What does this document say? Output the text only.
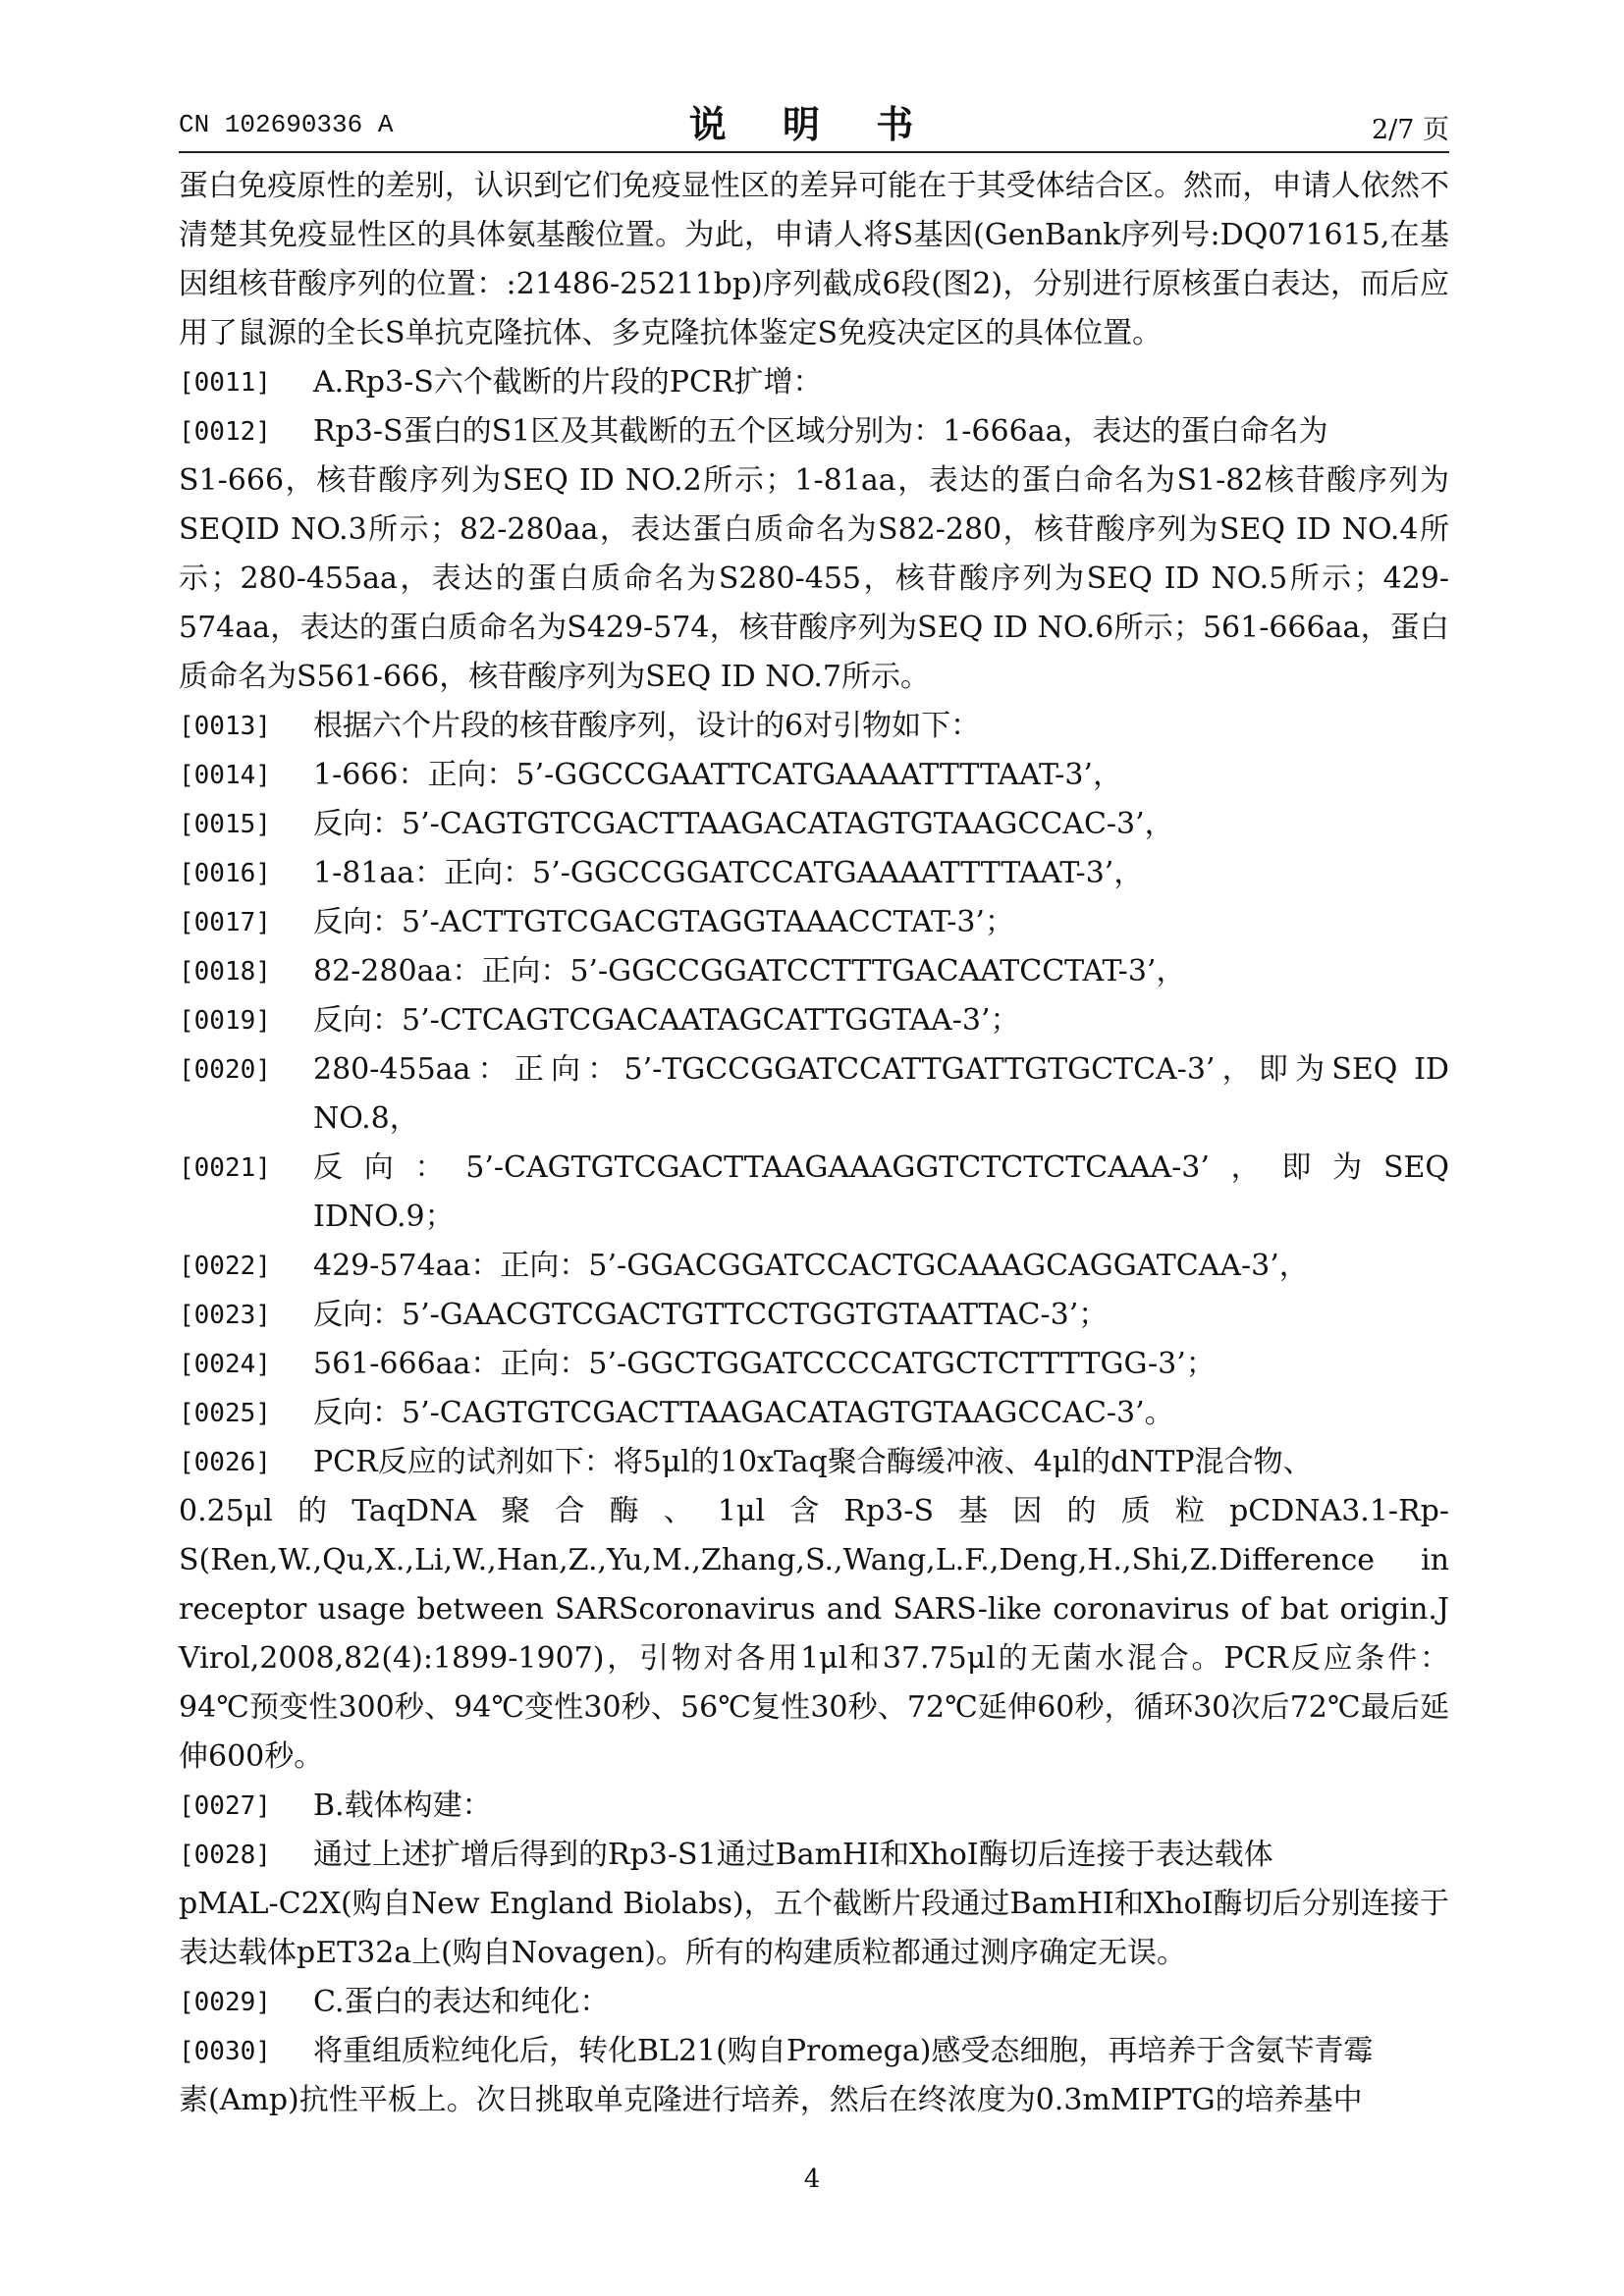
CN 102690336 A	说 明 书	2/7 页

蛋白免疫原性的差别，认识到它们免疫显性区的差异可能在于其受体结合区。然而，申请人依然不清楚其免疫显性区的具体氨基酸位置。为此，申请人将S基因(GenBank序列号:DQ071615,在基因组核苷酸序列的位置：:21486-25211bp)序列截成6段(图2)，分别进行原核蛋白表达，而后应用了鼠源的全长S单抗克隆抗体、多克隆抗体鉴定S免疫决定区的具体位置。

[0011]	A.Rp3-S六个截断的片段的PCR扩增：
[0012]	Rp3-S蛋白的S1区及其截断的五个区域分别为：1-666aa，表达的蛋白命名为
S1-666，核苷酸序列为SEQ ID NO.2所示；1-81aa，表达的蛋白命名为S1-82核苷酸序列为SEQID NO.3所示；82-280aa，表达蛋白质命名为S82-280，核苷酸序列为SEQ ID NO.4所示；280-455aa，表达的蛋白质命名为S280-455，核苷酸序列为SEQ ID NO.5所示；429-574aa，表达的蛋白质命名为S429-574，核苷酸序列为SEQ ID NO.6所示；561-666aa，蛋白质命名为S561-666，核苷酸序列为SEQ ID NO.7所示。
[0013]	根据六个片段的核苷酸序列，设计的6对引物如下：
[0014]	1-666：正向：5’-GGCCGAATTCATGAAAATTTTAAT-3’，
[0015]	反向：5’-CAGTGTCGACTTAAGACATAGTGTAAGCCAC-3’，
[0016]	1-81aa：正向：5’-GGCCGGATCCATGAAAATTTTAAT-3’，
[0017]	反向：5’-ACTTGTCGACGTAGGTAAACCTAT-3’；
[0018]	82-280aa：正向：5’-GGCCGGATCCTTTGACAATCCTAT-3’，
[0019]	反向：5’-CTCAGTCGACAATAGCATTGGTAA-3’；
[0020]	280-455aa：正向：5’-TGCCGGATCCATTGATTGTGCTCA-3’，即为SEQ ID NO.8，
[0021]	反向：5’-CAGTGTCGACTTAAGAAAGGTCTCTCTCAAA-3’，即为SEQ IDNO.9；
[0022]	429-574aa：正向：5’-GGACGGATCCACTGCAAAGCAGGATCAA-3’，
[0023]	反向：5’-GAACGTCGACTGTTCCTGGTGTAATTAC-3’；
[0024]	561-666aa：正向：5’-GGCTGGATCCCCATGCTCTTTTGG-3’；
[0025]	反向：5’-CAGTGTCGACTTAAGACATAGTGTAAGCCAC-3’。
[0026]	PCR反应的试剂如下：将5μl的10xTaq聚合酶缓冲液、4μl的dNTP混合物、
0.25μl的TaqDNA聚合酶、1μl含Rp3-S基因的质粒pCDNA3.1-Rp-S(Ren,W.,Qu,X.,Li,W.,Han,Z.,Yu,M.,Zhang,S.,Wang,L.F.,Deng,H.,Shi,Z.Difference in receptor usage between SARScoronavirus and SARS-like coronavirus of bat origin.J Virol,2008,82(4):1899-1907)，引物对各用1μl和37.75μl的无菌水混合。PCR反应条件：94℃预变性300秒、94℃变性30秒、56℃复性30秒、72℃延伸60秒，循环30次后72℃最后延伸600秒。
[0027]	B.载体构建：
[0028]	通过上述扩增后得到的Rp3-S1通过BamHI和XhoI酶切后连接于表达载体
pMAL-C2X(购自New England Biolabs)，五个截断片段通过BamHI和XhoI酶切后分别连接于表达载体pET32a上(购自Novagen)。所有的构建质粒都通过测序确定无误。
[0029]	C.蛋白的表达和纯化：
[0030]	将重组质粒纯化后，转化BL21(购自Promega)感受态细胞，再培养于含氨苄青霉
素(Amp)抗性平板上。次日挑取单克隆进行培养，然后在终浓度为0.3mMIPTG的培养基中
4
